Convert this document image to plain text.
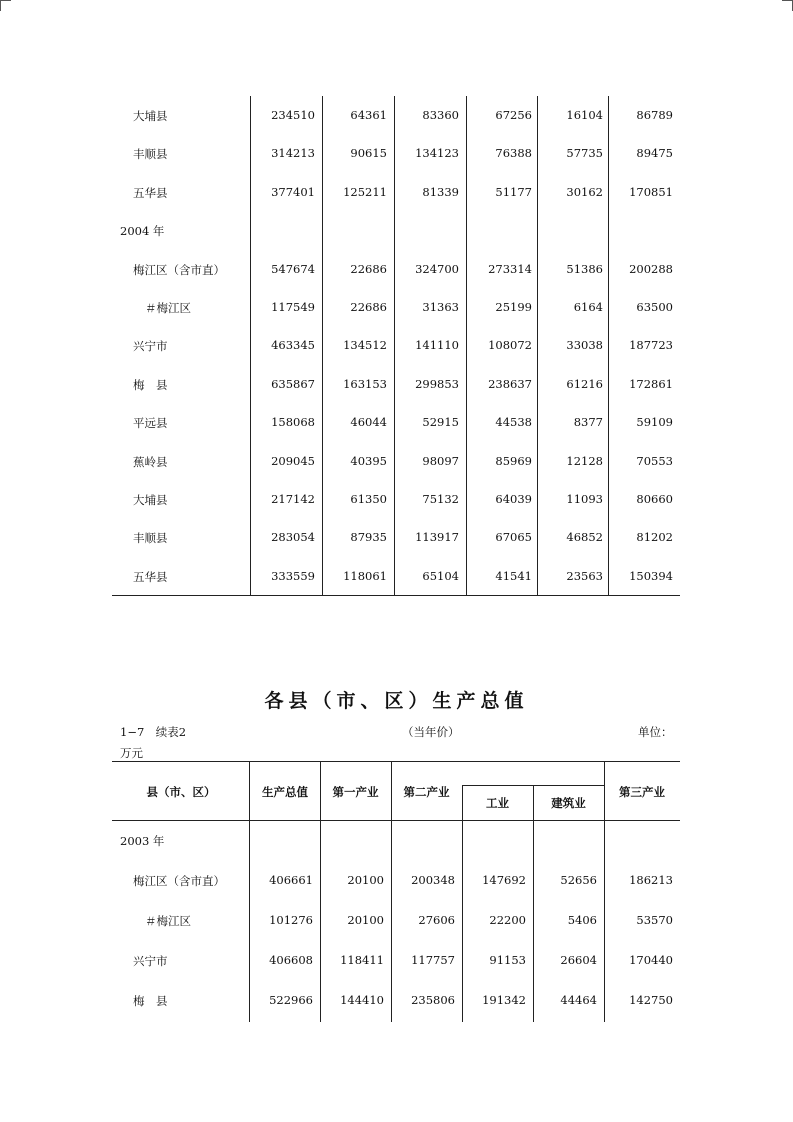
大埔县	234510	64361	83360	67256	16104	86789
丰顺县	314213	90615	134123	76388	57735	89475
五华县	377401	125211	81339	51177	30162	170851
2004 年
梅江区（含市直）	547674	22686	324700	273314	51386	200288
＃梅江区	117549	22686	31363	25199	6164	63500
兴宁市	463345	134512	141110	108072	33038	187723
梅　县	635867	163153	299853	238637	61216	172861
平远县	158068	46044	52915	44538	8377	59109
蕉岭县	209045	40395	98097	85969	12128	70553
大埔县	217142	61350	75132	64039	11093	80660
丰顺县	283054	87935	113917	67065	46852	81202
五华县	333559	118061	65104	41541	23563	150394
各县（市、区）生产总值
1−7　续表2	（当年价）	单位：
万元
县（市、区）	生产总值	第一产业	第二产业
工业	建筑业
第三产业
2003 年
梅江区（含市直）	406661	20100	200348	147692	52656	186213
＃梅江区	101276	20100	27606	22200	5406	53570
兴宁市	406608	118411	117757	91153	26604	170440
梅　县	522966	144410	235806	191342	44464	142750
